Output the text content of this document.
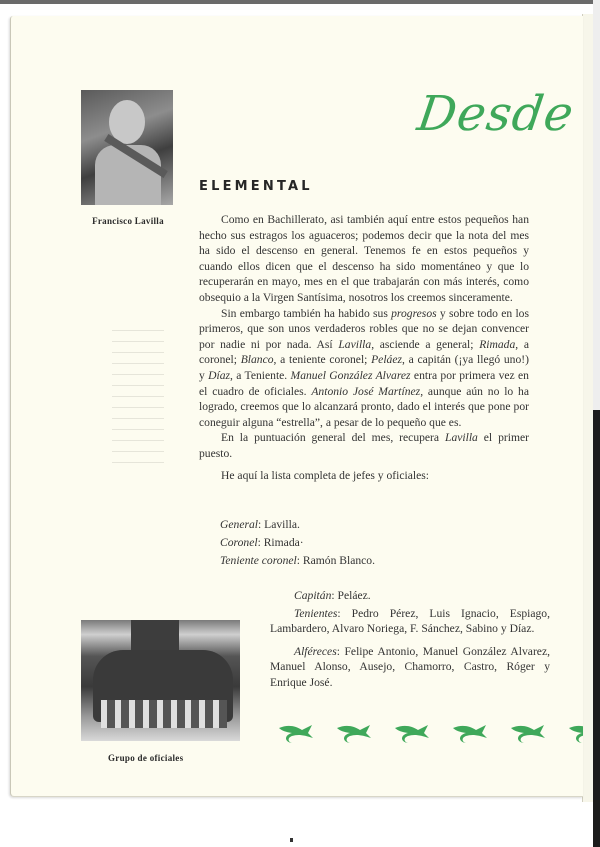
Desde
Francisco Lavilla
ELEMENTAL

Como en Bachillerato, asi también aquí entre estos pequeños han hecho sus estragos los aguaceros; podemos decir que la nota del mes ha sido el descenso en general. Tenemos fe en estos pequeños y cuando ellos dicen que el descenso ha sido momentáneo y que lo recuperarán en mayo, mes en el que trabajarán con más interés, como obsequio a la Virgen Santísima, nosotros los creemos sinceramente.

Sin embargo también ha habido sus progresos y sobre todo en los primeros, que son unos verdaderos robles que no se dejan convencer por nadie ni por nada. Así Lavilla, asciende a general; Rimada, a coronel; Blanco, a teniente coronel; Peláez, a capitán (¡ya llegó uno!) y Díaz, a Teniente. Manuel González Alvarez entra por primera vez en el cuadro de oficiales. Antonio José Martínez, aunque aún no lo ha logrado, creemos que lo alcanzará pronto, dado el interés que pone por coneguir alguna “estrella”, a pesar de lo pequeño que es.

En la puntuación general del mes, recupera Lavilla el primer puesto.

He aquí la lista completa de jefes y oficiales:

General: Lavilla.
Coronel: Rimada·
Teniente coronel: Ramón Blanco.
Capitán: Peláez.
Tenientes: Pedro Pérez, Luis Ignacio, Espiago, Lambardero, Alvaro Noriega, F. Sánchez, Sabino y Díaz.
Alféreces: Felipe Antonio, Manuel González Alvarez, Manuel Alonso, Ausejo, Chamorro, Castro, Róger y Enrique José.
Grupo de oficiales
